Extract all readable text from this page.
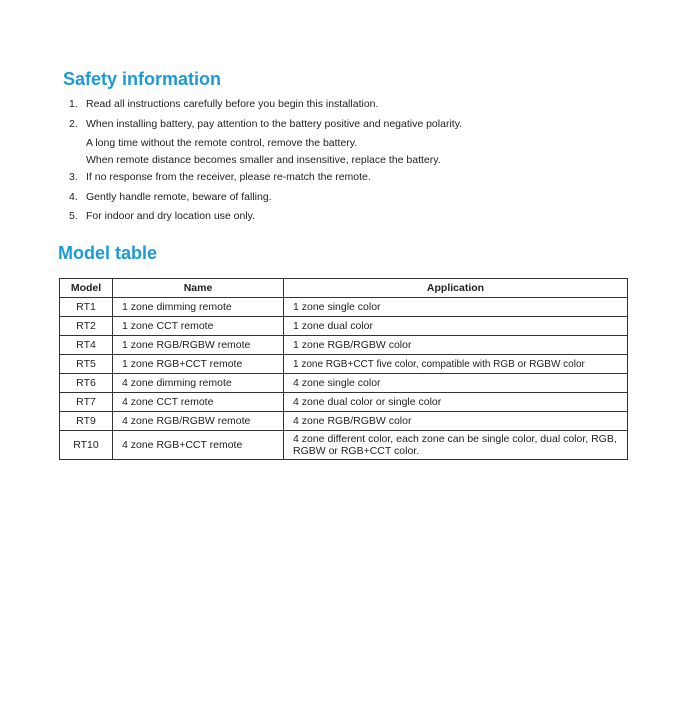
Safety information
1. Read all instructions carefully before you begin this installation.
2. When installing battery, pay attention to the battery positive and negative polarity.
A long time without the remote control, remove the battery.
When remote distance becomes smaller and insensitive, replace the battery.
3. If no response from the receiver, please re-match the remote.
4. Gently handle remote, beware of falling.
5. For indoor and dry location use only.
Model table
Model	Name	Application
RT1	1 zone dimming remote	1 zone single color
RT2	1 zone CCT remote	1 zone dual color
RT4	1 zone RGB/RGBW remote	1 zone RGB/RGBW color
RT5	1 zone RGB+CCT remote	1 zone RGB+CCT five color, compatible with RGB or RGBW color
RT6	4 zone dimming remote	4 zone single color
RT7	4 zone CCT remote	4 zone dual color or single color
RT9	4 zone RGB/RGBW remote	4 zone RGB/RGBW color
RT10	4 zone RGB+CCT remote	4 zone different color, each zone can be single color, dual color, RGB, RGBW or RGB+CCT color.
